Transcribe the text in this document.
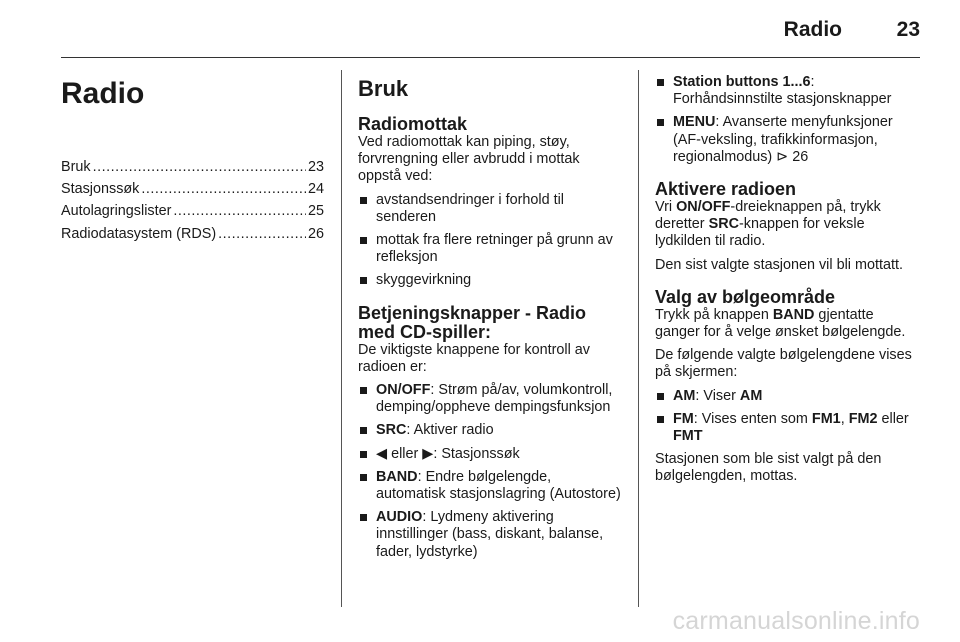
Radio	23
Radio
Bruk .....	23
Stasjonssøk .....	24
Autolagringslister .....	25
Radiodatasystem (RDS) .....	26
Bruk
Radiomottak

Ved radiomottak kan piping, støy, forvrengning eller avbrudd i mottak oppstå ved:

avstandsendringer i forhold til senderen
mottak fra flere retninger på grunn av refleksjon
skyggevirkning
Betjeningsknapper - Radio med CD-spiller:

De viktigste knappene for kontroll av radioen er:

ON/OFF: Strøm på/av, volumkontroll, demping/oppheve dempingsfunksjon
SRC: Aktiver radio
◀ eller ▶: Stasjonssøk
BAND: Endre bølgelengde, automatisk stasjonslagring (Autostore)
AUDIO: Lydmeny aktivering innstillinger (bass, diskant, balanse, fader, lydstyrke)
Station buttons 1...6: Forhåndsinnstilte stasjonsknapper
MENU: Avanserte menyfunksjoner (AF-veksling, trafikkinformasjon, regionalmodus) ⊳ 26
Aktivere radioen

Vri ON/OFF-dreieknappen på, trykk deretter SRC-knappen for veksle lydkilden til radio.

Den sist valgte stasjonen vil bli mottatt.

Valg av bølgeområde

Trykk på knappen BAND gjentatte ganger for å velge ønsket bølgelengde.

De følgende valgte bølgelengdene vises på skjermen:

AM: Viser AM
FM: Vises enten som FM1, FM2 eller FMT

Stasjonen som ble sist valgt på den bølgelengden, mottas.

carmanualsonline.info
